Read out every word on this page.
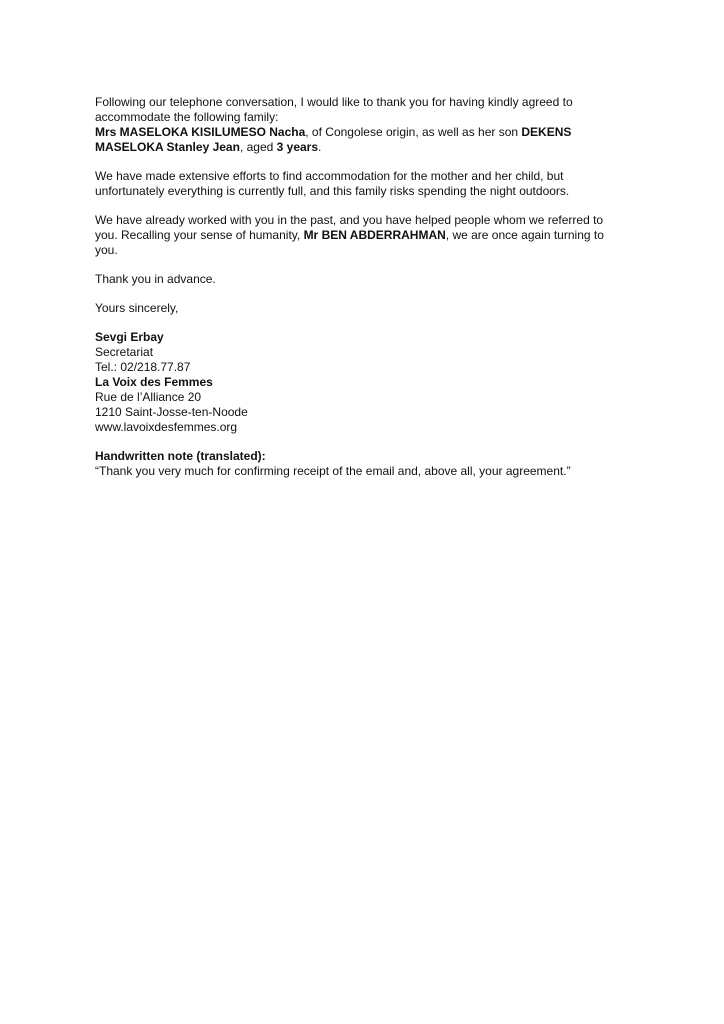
Following our telephone conversation, I would like to thank you for having kindly agreed to
accommodate the following family:
Mrs MASELOKA KISILUMESO Nacha, of Congolese origin, as well as her son DEKENS
MASELOKA Stanley Jean, aged 3 years.
We have made extensive efforts to find accommodation for the mother and her child, but
unfortunately everything is currently full, and this family risks spending the night outdoors.
We have already worked with you in the past, and you have helped people whom we referred to
you. Recalling your sense of humanity, Mr BEN ABDERRAHMAN, we are once again turning to
you.
Thank you in advance.
Yours sincerely,
Sevgi Erbay
Secretariat
Tel.: 02/218.77.87
La Voix des Femmes
Rue de l’Alliance 20
1210 Saint-Josse-ten-Noode
www.lavoixdesfemmes.org
Handwritten note (translated):
“Thank you very much for confirming receipt of the email and, above all, your agreement.”
